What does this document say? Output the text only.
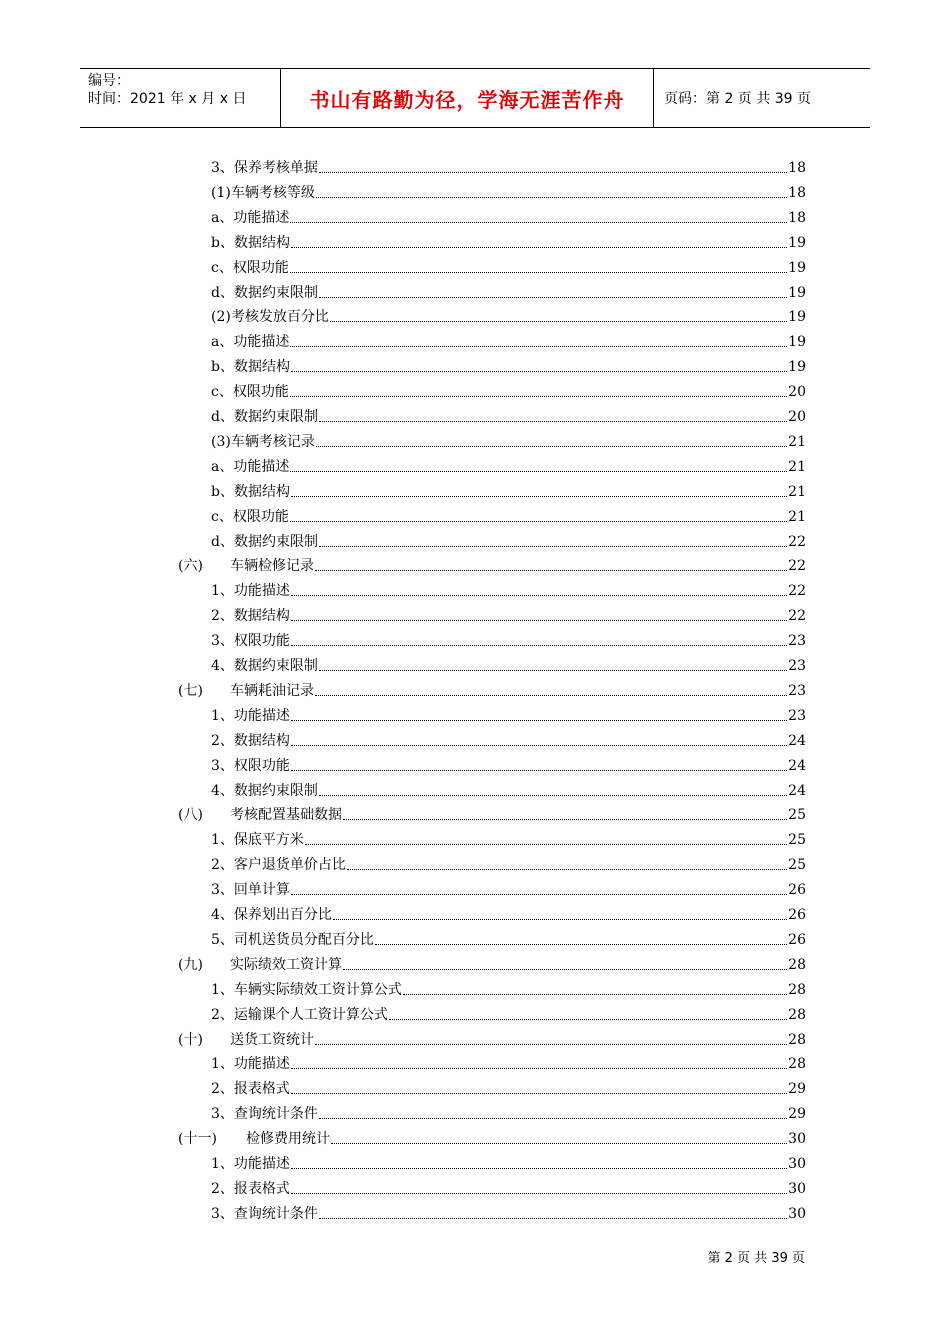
编号：
时间：2021 年 x 月 x 日	书山有路勤为径，学海无涯苦作舟	页码：第 2 页 共 39 页
3、保养考核单据	18
(1)车辆考核等级	18
a、功能描述	18
b、数据结构	19
c、权限功能	19
d、数据约束限制	19
(2)考核发放百分比	19
a、功能描述	19
b、数据结构	19
c、权限功能	20
d、数据约束限制	20
(3)车辆考核记录	21
a、功能描述	21
b、数据结构	21
c、权限功能	21
d、数据约束限制	22
(六) 车辆检修记录	22
1、功能描述	22
2、数据结构	22
3、权限功能	23
4、数据约束限制	23
(七) 车辆耗油记录	23
1、功能描述	23
2、数据结构	24
3、权限功能	24
4、数据约束限制	24
(八) 考核配置基础数据	25
1、保底平方米	25
2、客户退货单价占比	25
3、回单计算	26
4、保养划出百分比	26
5、司机送货员分配百分比	26
(九) 实际绩效工资计算	28
1、车辆实际绩效工资计算公式	28
2、运输课个人工资计算公式	28
(十) 送货工资统计	28
1、功能描述	28
2、报表格式	29
3、查询统计条件	29
(十一) 检修费用统计	30
1、功能描述	30
2、报表格式	30
3、查询统计条件	30
第 2 页 共 39 页
